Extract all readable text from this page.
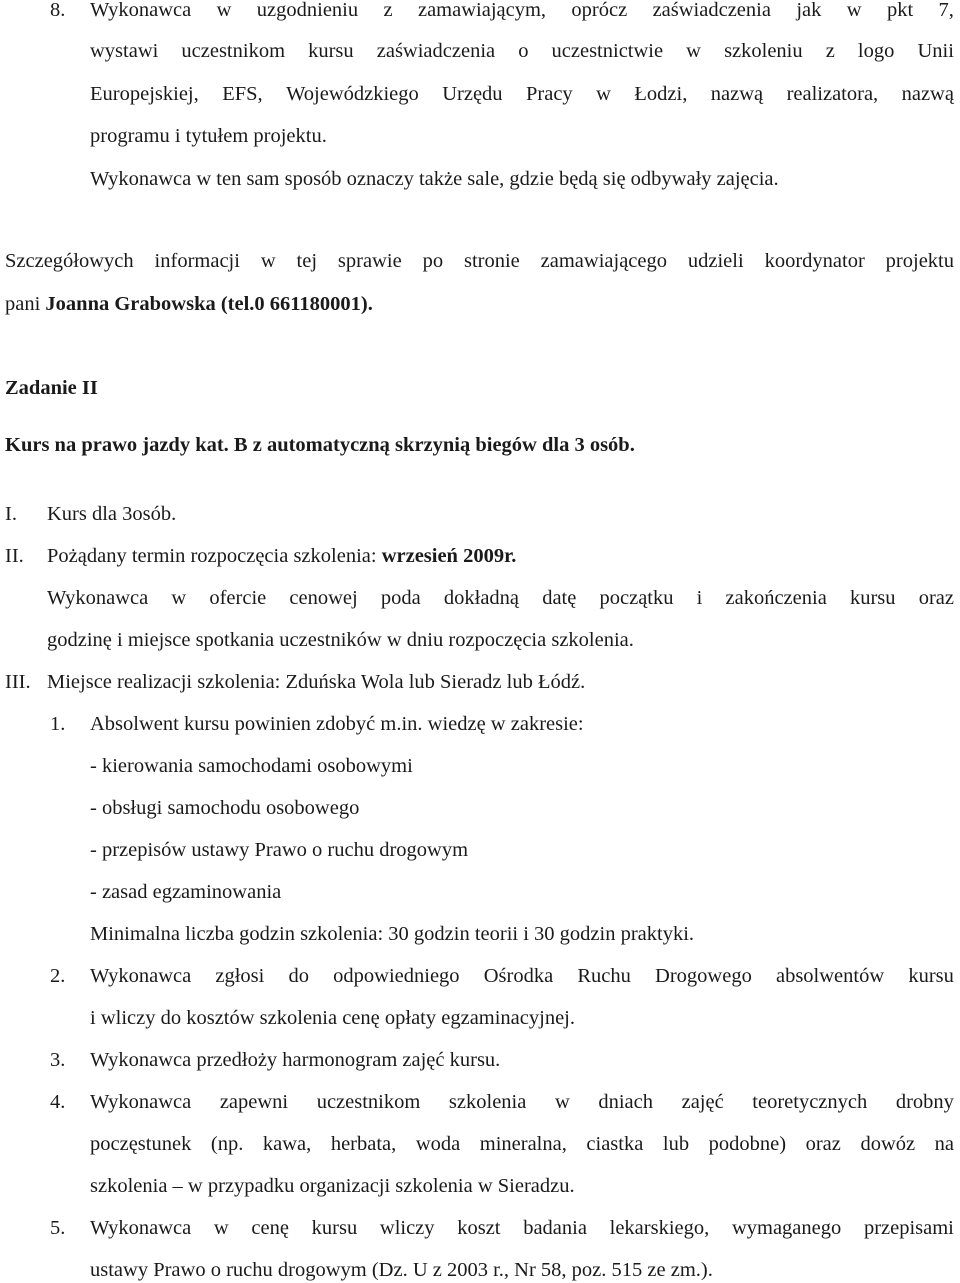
8. Wykonawca w uzgodnieniu z zamawiającym, oprócz zaświadczenia jak w pkt 7,
wystawi uczestnikom kursu zaświadczenia o uczestnictwie w szkoleniu z logo Unii
Europejskiej, EFS, Wojewódzkiego Urzędu Pracy w Łodzi, nazwą realizatora, nazwą
programu i tytułem projektu.
Wykonawca w ten sam sposób oznaczy także sale, gdzie będą się odbywały zajęcia.
Szczegółowych informacji w tej sprawie po stronie zamawiającego udzieli koordynator projektu
pani Joanna Grabowska (tel.0 661180001).
Zadanie II
Kurs na prawo jazdy kat. B z automatyczną skrzynią biegów dla 3 osób.
I. Kurs dla 3osób.
II. Pożądany termin rozpoczęcia szkolenia: wrzesień 2009r.
Wykonawca w ofercie cenowej poda dokładną datę początku i zakończenia kursu oraz
godzinę i miejsce spotkania uczestników w dniu rozpoczęcia szkolenia.
III. Miejsce realizacji szkolenia: Zduńska Wola lub Sieradz lub Łódź.
1. Absolwent kursu powinien zdobyć m.in. wiedzę w zakresie:
- kierowania samochodami osobowymi
- obsługi samochodu osobowego
- przepisów ustawy Prawo o ruchu drogowym
- zasad egzaminowania
Minimalna liczba godzin szkolenia: 30 godzin teorii i 30 godzin praktyki.
2. Wykonawca zgłosi do odpowiedniego Ośrodka Ruchu Drogowego absolwentów kursu
i wliczy do kosztów szkolenia cenę opłaty egzaminacyjnej.
3. Wykonawca przedłoży harmonogram zajęć kursu.
4. Wykonawca zapewni uczestnikom szkolenia w dniach zajęć teoretycznych drobny
poczęstunek (np. kawa, herbata, woda mineralna, ciastka lub podobne) oraz dowóz na
szkolenia – w przypadku organizacji szkolenia w Sieradzu.
5. Wykonawca w cenę kursu wliczy koszt badania lekarskiego, wymaganego przepisami
ustawy Prawo o ruchu drogowym (Dz. U z 2003 r., Nr 58, poz. 515 ze zm.).
